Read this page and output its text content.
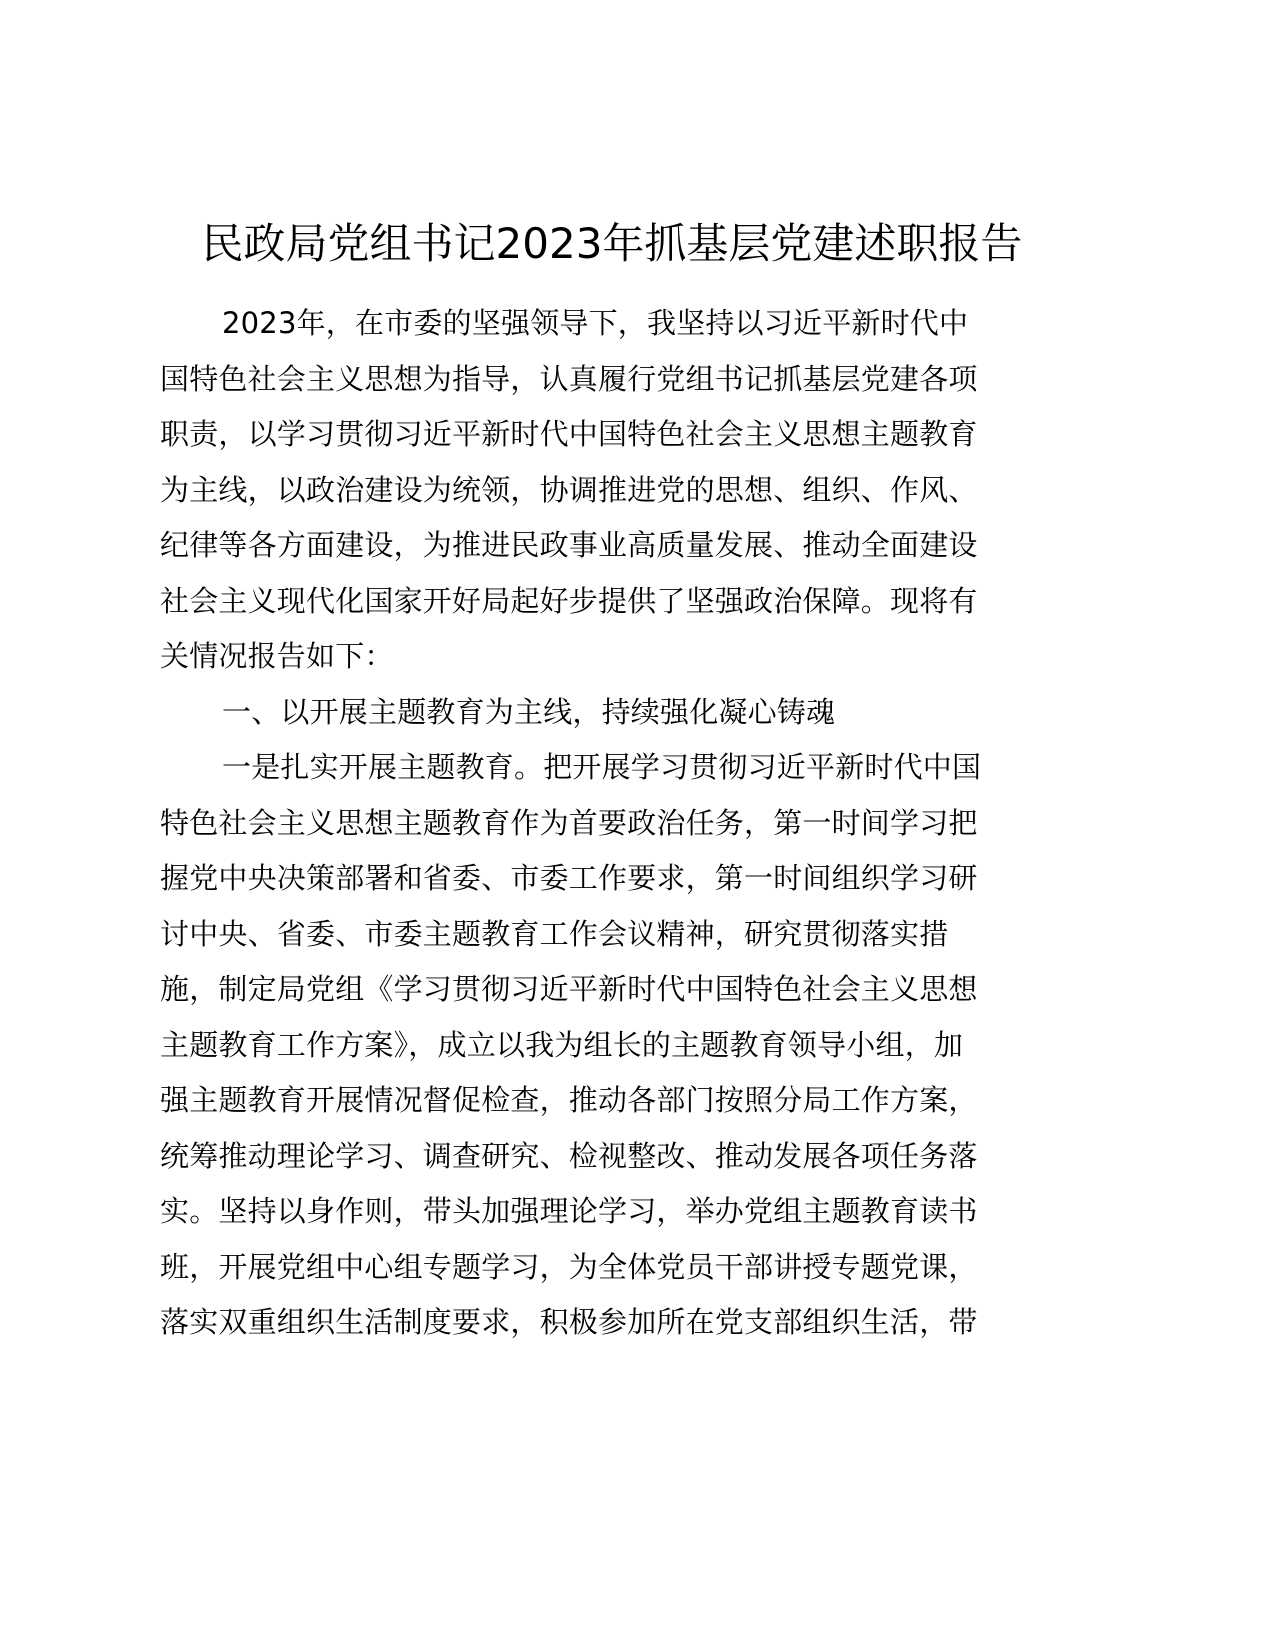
民政局党组书记2023年抓基层党建述职报告
2023年，在市委的坚强领导下，我坚持以习近平新时代中
国特色社会主义思想为指导，认真履行党组书记抓基层党建各项
职责，以学习贯彻习近平新时代中国特色社会主义思想主题教育
为主线，以政治建设为统领，协调推进党的思想、组织、作风、
纪律等各方面建设，为推进民政事业高质量发展、推动全面建设
社会主义现代化国家开好局起好步提供了坚强政治保障。现将有
关情况报告如下：
一、以开展主题教育为主线，持续强化凝心铸魂
一是扎实开展主题教育。把开展学习贯彻习近平新时代中国
特色社会主义思想主题教育作为首要政治任务，第一时间学习把
握党中央决策部署和省委、市委工作要求，第一时间组织学习研
讨中央、省委、市委主题教育工作会议精神，研究贯彻落实措
施，制定局党组《学习贯彻习近平新时代中国特色社会主义思想
主题教育工作方案》，成立以我为组长的主题教育领导小组，加
强主题教育开展情况督促检查，推动各部门按照分局工作方案，
统筹推动理论学习、调查研究、检视整改、推动发展各项任务落
实。坚持以身作则，带头加强理论学习，举办党组主题教育读书
班，开展党组中心组专题学习，为全体党员干部讲授专题党课，
落实双重组织生活制度要求，积极参加所在党支部组织生活，带
